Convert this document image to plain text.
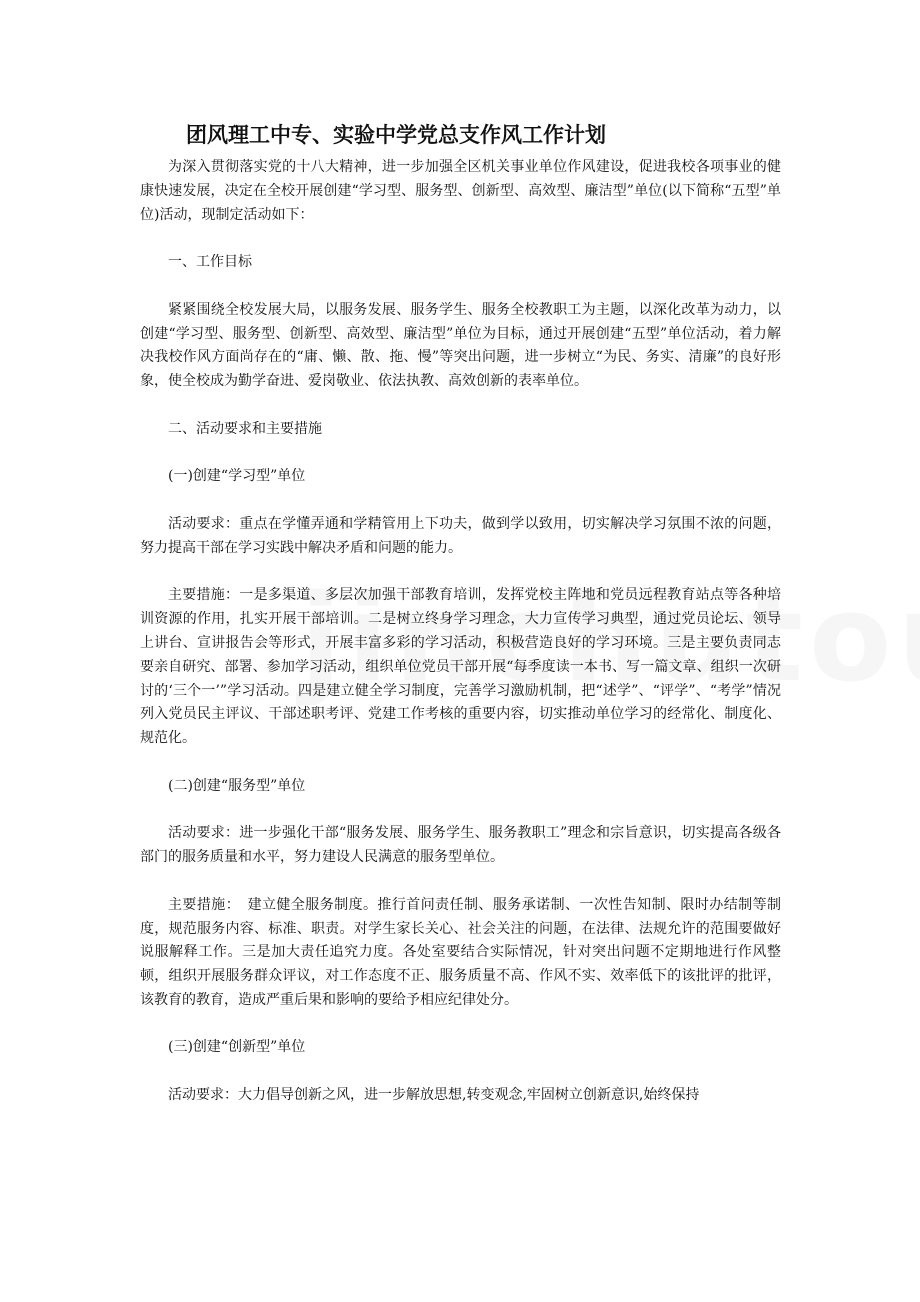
团风理工中专、实验中学党总支作风工作计划

为深入贯彻落实党的十八大精神，进一步加强全区机关事业单位作风建设，促进我校各项事业的健康快速发展，决定在全校开展创建“学习型、服务型、创新型、高效型、廉洁型”单位(以下简称“五型”单位)活动，现制定活动如下：

一、工作目标

紧紧围绕全校发展大局，以服务发展、服务学生、服务全校教职工为主题，以深化改革为动力，以创建“学习型、服务型、创新型、高效型、廉洁型”单位为目标，通过开展创建“五型”单位活动，着力解决我校作风方面尚存在的“庸、懒、散、拖、慢”等突出问题，进一步树立“为民、务实、清廉”的良好形象，使全校成为勤学奋进、爱岗敬业、依法执教、高效创新的表率单位。

二、活动要求和主要措施

(一)创建“学习型”单位

活动要求：重点在学懂弄通和学精管用上下功夫，做到学以致用，切实解决学习氛围不浓的问题，努力提高干部在学习实践中解决矛盾和问题的能力。

主要措施：一是多渠道、多层次加强干部教育培训，发挥党校主阵地和党员远程教育站点等各种培训资源的作用，扎实开展干部培训。二是树立终身学习理念，大力宣传学习典型，通过党员论坛、领导上讲台、宣讲报告会等形式，开展丰富多彩的学习活动，积极营造良好的学习环境。三是主要负责同志要亲自研究、部署、参加学习活动，组织单位党员干部开展“每季度读一本书、写一篇文章、组织一次研讨的‘三个一’”学习活动。四是建立健全学习制度，完善学习激励机制，把“述学”、“评学”、“考学”情况列入党员民主评议、干部述职考评、党建工作考核的重要内容，切实推动单位学习的经常化、制度化、规范化。

(二)创建“服务型”单位

活动要求：进一步强化干部“服务发展、服务学生、服务教职工”理念和宗旨意识，切实提高各级各部门的服务质量和水平，努力建设人民满意的服务型单位。

主要措施：　建立健全服务制度。推行首问责任制、服务承诺制、一次性告知制、限时办结制等制度，规范服务内容、标准、职责。对学生家长关心、社会关注的问题，在法律、法规允许的范围要做好说服解释工作。三是加大责任追究力度。各处室要结合实际情况，针对突出问题不定期地进行作风整顿，组织开展服务群众评议，对工作态度不正、服务质量不高、作风不实、效率低下的该批评的批评，该教育的教育，造成严重后果和影响的要给予相应纪律处分。

(三)创建“创新型”单位

活动要求：大力倡导创新之风，进一步解放思想,转变观念,牢固树立创新意识,始终保持
